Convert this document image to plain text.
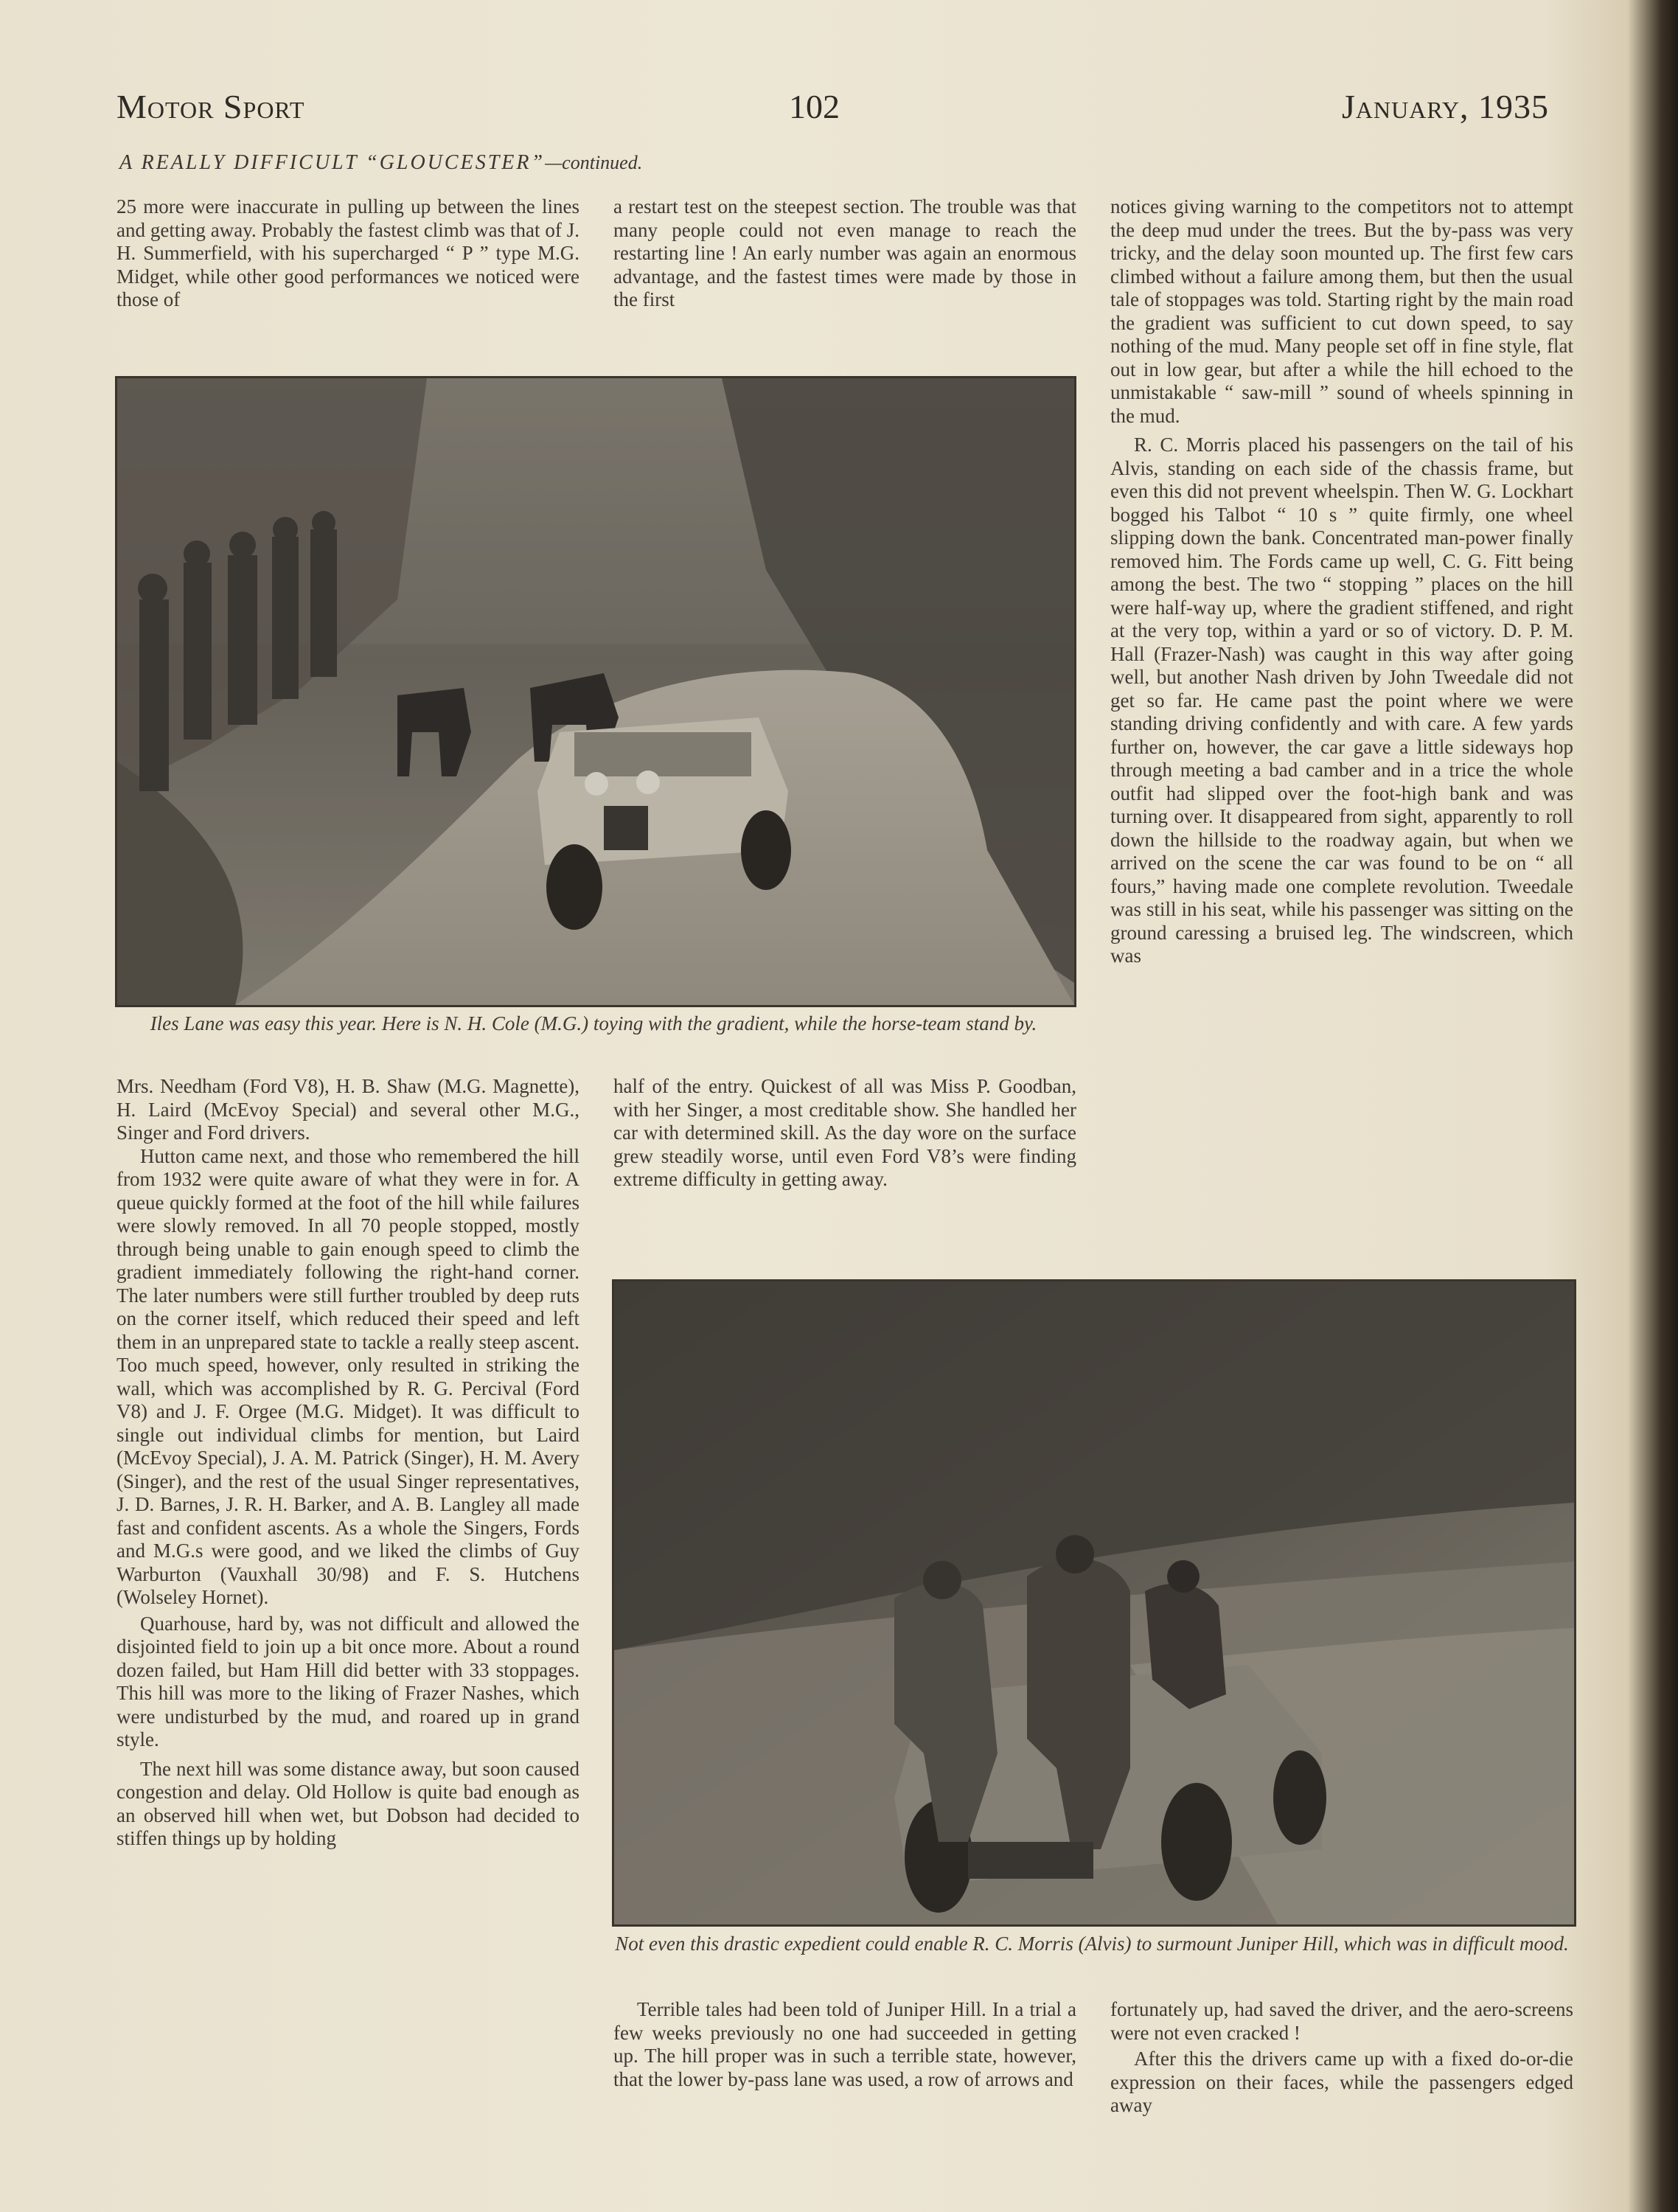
Motor Sport	102	January, 1935
A REALLY DIFFICULT “GLOUCESTER”—continued.

25 more were inaccurate in pulling up between the lines and getting away. Probably the fastest climb was that of J. H. Summerfield, with his supercharged “ P ” type M.G. Midget, while other good performances we noticed were those of

a restart test on the steepest section. The trouble was that many people could not even manage to reach the restarting line ! An early number was again an enormous advantage, and the fastest times were made by those in the first

notices giving warning to the competitors not to attempt the deep mud under the trees. But the by-pass was very tricky, and the delay soon mounted up. The first few cars climbed without a failure among them, but then the usual tale of stoppages was told. Starting right by the main road the gradient was sufficient to cut down speed, to say nothing of the mud. Many people set off in fine style, flat out in low gear, but after a while the hill echoed to the unmistakable “ saw-mill ” sound of wheels spinning in the mud.

R. C. Morris placed his passengers on the tail of his Alvis, standing on each side of the chassis frame, but even this did not prevent wheelspin. Then W. G. Lockhart bogged his Talbot “ 10 s ” quite firmly, one wheel slipping down the bank. Concentrated man-power finally removed him. The Fords came up well, C. G. Fitt being among the best. The two “ stopping ” places on the hill were half-way up, where the gradient stiffened, and right at the very top, within a yard or so of victory. D. P. M. Hall (Frazer-Nash) was caught in this way after going well, but another Nash driven by John Tweedale did not get so far. He came past the point where we were standing driving confidently and with care. A few yards further on, however, the car gave a little sideways hop through meeting a bad camber and in a trice the whole outfit had slipped over the foot-high bank and was turning over. It disappeared from sight, apparently to roll down the hillside to the roadway again, but when we arrived on the scene the car was found to be on “ all fours,” having made one complete revolution. Tweedale was still in his seat, while his passenger was sitting on the ground caressing a bruised leg. The windscreen, which was

Iles Lane was easy this year. Here is N. H. Cole (M.G.) toying with the gradient, while the horse-team stand by.

Mrs. Needham (Ford V8), H. B. Shaw (M.G. Magnette), H. Laird (McEvoy Special) and several other M.G., Singer and Ford drivers.

Hutton came next, and those who remembered the hill from 1932 were quite aware of what they were in for. A queue quickly formed at the foot of the hill while failures were slowly removed. In all 70 people stopped, mostly through being unable to gain enough speed to climb the gradient immediately following the right-hand corner. The later numbers were still further troubled by deep ruts on the corner itself, which reduced their speed and left them in an unprepared state to tackle a really steep ascent. Too much speed, however, only resulted in striking the wall, which was accomplished by R. G. Percival (Ford V8) and J. F. Orgee (M.G. Midget). It was difficult to single out individual climbs for mention, but Laird (McEvoy Special), J. A. M. Patrick (Singer), H. M. Avery (Singer), and the rest of the usual Singer representatives, J. D. Barnes, J. R. H. Barker, and A. B. Langley all made fast and confident ascents. As a whole the Singers, Fords and M.G.s were good, and we liked the climbs of Guy Warburton (Vauxhall 30/98) and F. S. Hutchens (Wolseley Hornet).

Quarhouse, hard by, was not difficult and allowed the disjointed field to join up a bit once more. About a round dozen failed, but Ham Hill did better with 33 stoppages. This hill was more to the liking of Frazer Nashes, which were undisturbed by the mud, and roared up in grand style.

The next hill was some distance away, but soon caused congestion and delay. Old Hollow is quite bad enough as an observed hill when wet, but Dobson had decided to stiffen things up by holding

half of the entry. Quickest of all was Miss P. Goodban, with her Singer, a most creditable show. She handled her car with determined skill. As the day wore on the surface grew steadily worse, until even Ford V8’s were finding extreme difficulty in getting away.

Not even this drastic expedient could enable R. C. Morris (Alvis) to surmount Juniper Hill, which was in difficult mood.

Terrible tales had been told of Juniper Hill. In a trial a few weeks previously no one had succeeded in getting up. The hill proper was in such a terrible state, however, that the lower by-pass lane was used, a row of arrows and

fortunately up, had saved the driver, and the aero-screens were not even cracked !

After this the drivers came up with a fixed do-or-die expression on their faces, while the passengers edged away
